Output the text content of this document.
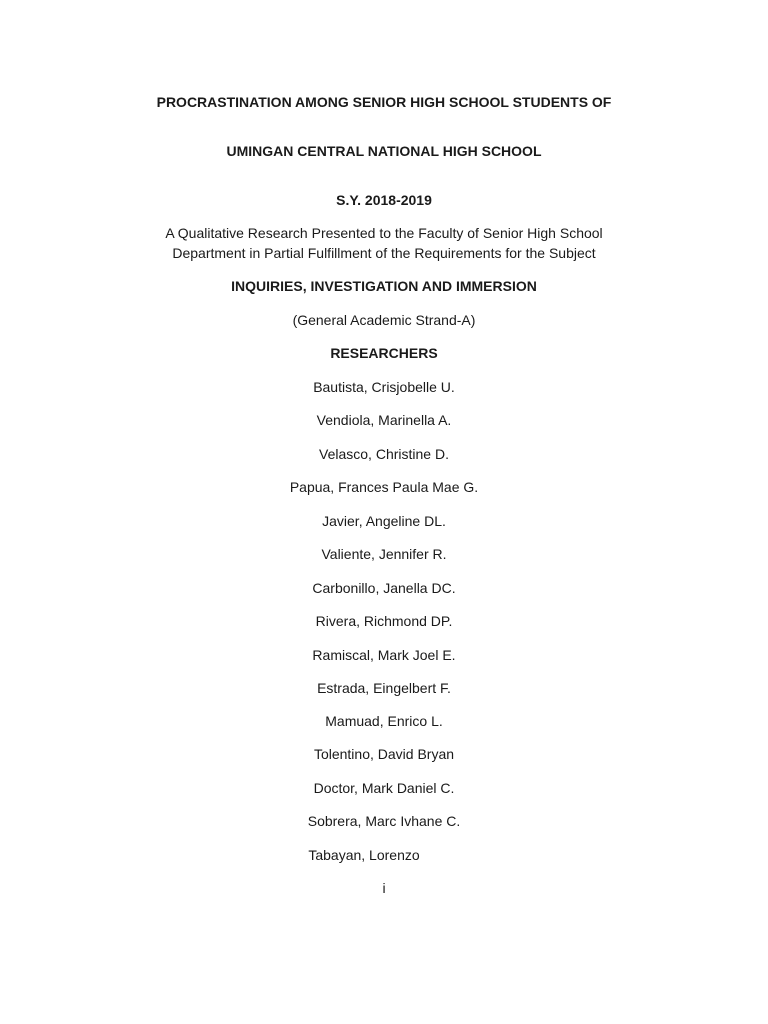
PROCRASTINATION AMONG SENIOR HIGH SCHOOL STUDENTS OF
UMINGAN CENTRAL NATIONAL HIGH SCHOOL
S.Y. 2018-2019
A Qualitative Research Presented to the Faculty of Senior High School
Department in Partial Fulfillment of the Requirements for the Subject
INQUIRIES, INVESTIGATION AND IMMERSION
(General Academic Strand-A)
RESEARCHERS
Bautista, Crisjobelle U.
Vendiola, Marinella A.
Velasco, Christine D.
Papua, Frances Paula Mae G.
Javier, Angeline DL.
Valiente, Jennifer R.
Carbonillo, Janella DC.
Rivera, Richmond DP.
Ramiscal, Mark Joel E.
Estrada, Eingelbert F.
Mamuad, Enrico L.
Tolentino, David Bryan
Doctor, Mark Daniel C.
Sobrera, Marc Ivhane C.
Tabayan, Lorenzo
i
